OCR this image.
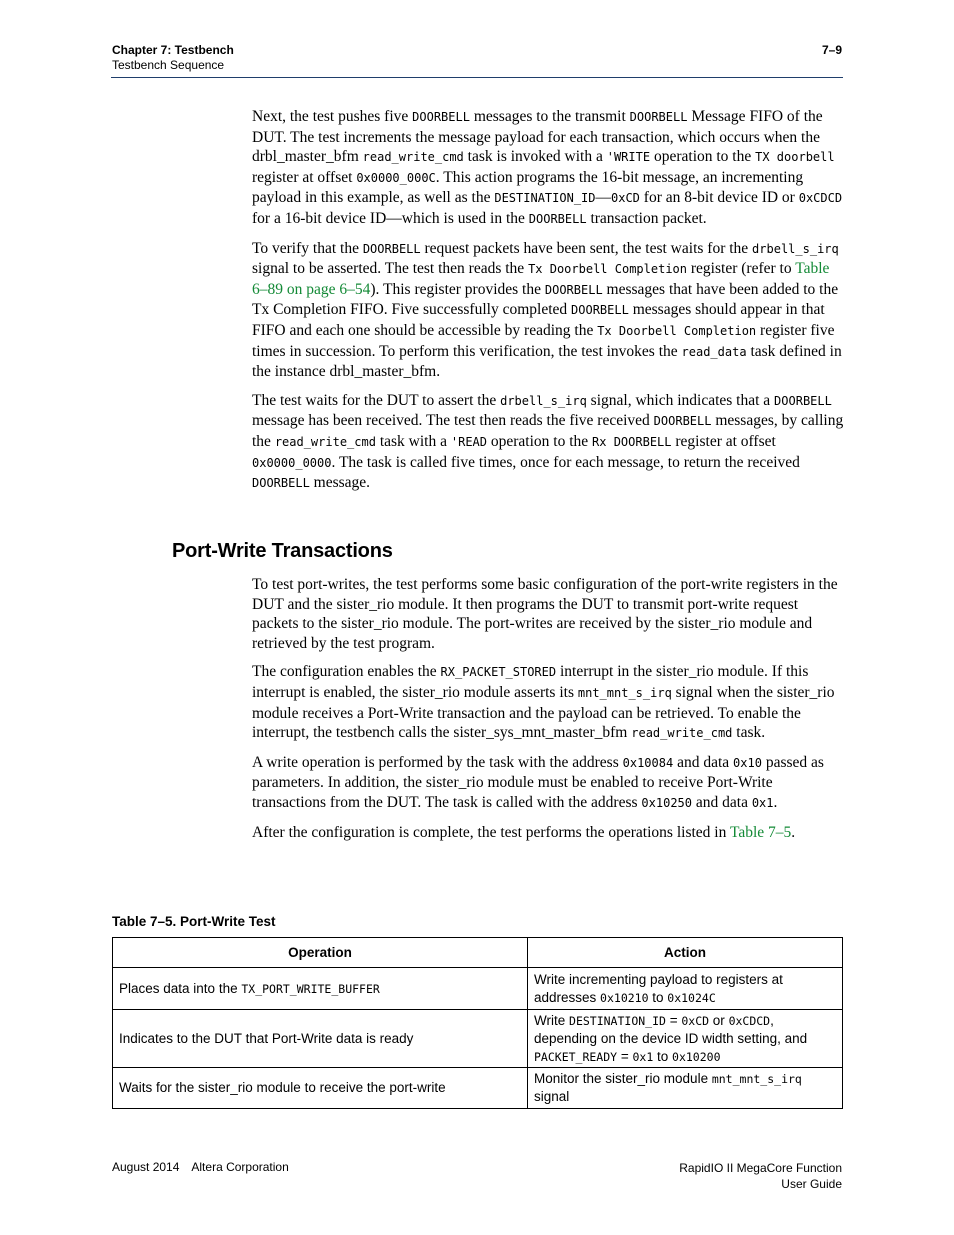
Chapter 7: Testbench
Testbench Sequence
7–9

Next, the test pushes five DOORBELL messages to the transmit DOORBELL Message FIFO of the DUT. The test increments the message payload for each transaction, which occurs when the drbl_master_bfm read_write_cmd task is invoked with a 'WRITE operation to the TX doorbell register at offset 0x0000_000C. This action programs the 16-bit message, an incrementing payload in this example, as well as the DESTINATION_ID—0xCD for an 8-bit device ID or 0xCDCD for a 16-bit device ID—which is used in the DOORBELL transaction packet.

To verify that the DOORBELL request packets have been sent, the test waits for the drbell_s_irq signal to be asserted. The test then reads the Tx Doorbell Completion register (refer to Table 6–89 on page 6–54). This register provides the DOORBELL messages that have been added to the Tx Completion FIFO. Five successfully completed DOORBELL messages should appear in that FIFO and each one should be accessible by reading the Tx Doorbell Completion register five times in succession. To perform this verification, the test invokes the read_data task defined in the instance drbl_master_bfm.

The test waits for the DUT to assert the drbell_s_irq signal, which indicates that a DOORBELL message has been received. The test then reads the five received DOORBELL messages, by calling the read_write_cmd task with a 'READ operation to the Rx DOORBELL register at offset 0x0000_0000. The task is called five times, once for each message, to return the received DOORBELL message.

Port-Write Transactions

To test port-writes, the test performs some basic configuration of the port-write registers in the DUT and the sister_rio module. It then programs the DUT to transmit port-write request packets to the sister_rio module. The port-writes are received by the sister_rio module and retrieved by the test program.

The configuration enables the RX_PACKET_STORED interrupt in the sister_rio module. If this interrupt is enabled, the sister_rio module asserts its mnt_mnt_s_irq signal when the sister_rio module receives a Port-Write transaction and the payload can be retrieved. To enable the interrupt, the testbench calls the sister_sys_mnt_master_bfm read_write_cmd task.

A write operation is performed by the task with the address 0x10084 and data 0x10 passed as parameters. In addition, the sister_rio module must be enabled to receive Port-Write transactions from the DUT. The task is called with the address 0x10250 and data 0x1.

After the configuration is complete, the test performs the operations listed in Table 7–5.

Table 7–5. Port-Write Test
Operation	Action
Places data into the TX_PORT_WRITE_BUFFER	Write incrementing payload to registers at addresses 0x10210 to 0x1024C
Indicates to the DUT that Port-Write data is ready	Write DESTINATION_ID = 0xCD or 0xCDCD, depending on the device ID width setting, and PACKET_READY = 0x1 to 0x10200
Waits for the sister_rio module to receive the port-write	Monitor the sister_rio module mnt_mnt_s_irq signal
August 2014 Altera Corporation	RapidIO II MegaCore Function
User Guide
